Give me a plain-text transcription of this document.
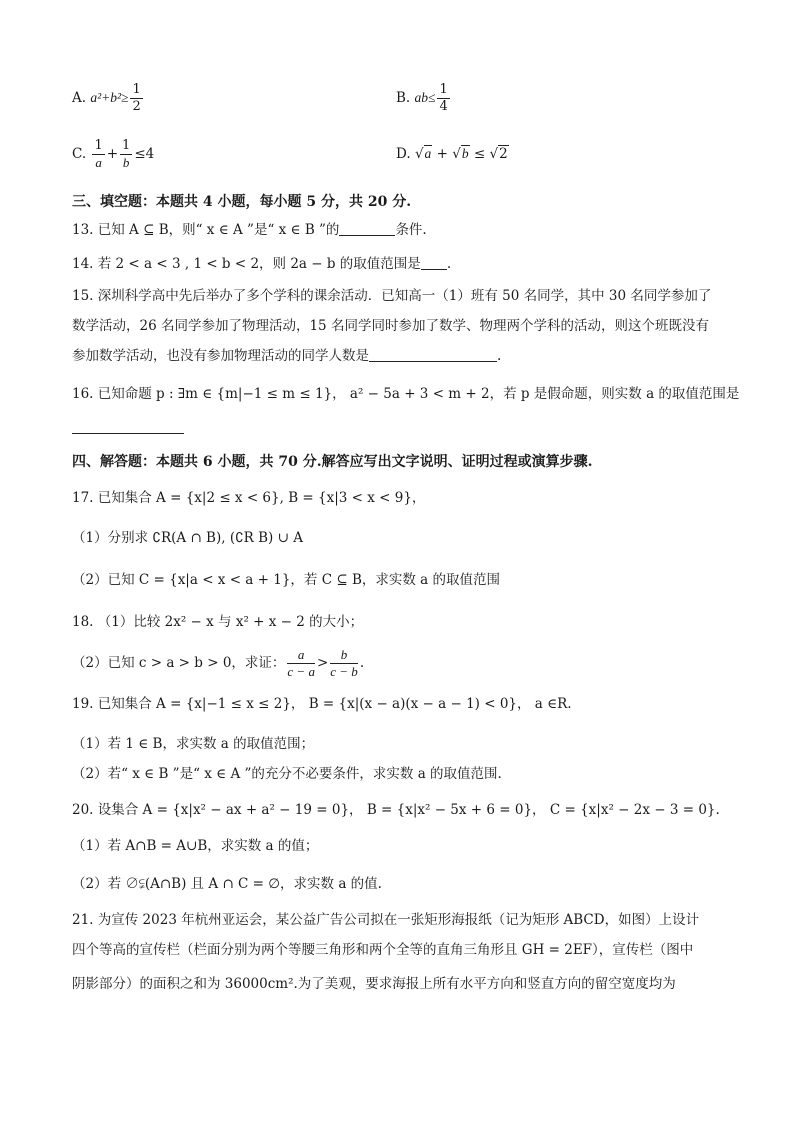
A. $a^2+b^2\ge \frac{1}{2}$	B. $ab\le \frac{1}{4}$
C. $\frac{1}{a} + \frac{1}{b} \le 4$	D. √a + √b ≤ √2
三、填空题：本题共 4 小题，每小题 5 分，共 20 分.
13. 已知 A ⊆ B，则“ x ∈ A ”是“ x ∈ B ”的	条件.
14. 若 2 < a < 3 , 1 < b < 2，则 2a − b 的取值范围是 .
15. 深圳科学高中先后举办了多个学科的课余活动．已知高一（1）班有 50 名同学，其中 30 名同学参加了
数学活动，26 名同学参加了物理活动，15 名同学同时参加了数学、物理两个学科的活动，则这个班既没有
参加数学活动，也没有参加物理活动的同学人数是	.
16. 已知命题 p : ∃m ∈ {m|−1 ≤ m ≤ 1}， a² − 5a + 3 < m + 2，若 p 是假命题，则实数 a 的取值范围是
四、解答题：本题共 6 小题，共 70 分.解答应写出文字说明、证明过程或演算步骤.
17. 已知集合 A = {x|2 ≤ x < 6}, B = {x|3 < x < 9}，
（1）分别求 ∁R(A ∩ B), (∁R B) ∪ A
（2）已知 C = {x|a < x < a + 1}，若 C ⊆ B，求实数 a 的取值范围
18. （1）比较 2x² − x 与 x² + x − 2 的大小；
（2）已知 c > a > b > 0，求证： $\frac{a}{c - a} > \frac{b}{c - b}$ .
19. 已知集合 A = {x|−1 ≤ x ≤ 2}， B = {x|(x − a)(x − a − 1) < 0}， a ∈R.
（1）若 1 ∈ B，求实数 a 的取值范围；
（2）若“ x ∈ B ”是“ x ∈ A ”的充分不必要条件，求实数 a 的取值范围.
20. 设集合 A = {x|x² − ax + a² − 19 = 0}， B = {x|x² − 5x + 6 = 0}， C = {x|x² − 2x − 3 = 0}.
（1）若 A∩B = A∪B，求实数 a 的值；
（2）若 ∅⫋(A∩B) 且 A ∩ C = ∅，求实数 a 的值.
21. 为宣传 2023 年杭州亚运会，某公益广告公司拟在一张矩形海报纸（记为矩形 ABCD，如图）上设计
四个等高的宣传栏（栏面分别为两个等腰三角形和两个全等的直角三角形且 GH = 2EF），宣传栏（图中
阴影部分）的面积之和为 36000cm².为了美观，要求海报上所有水平方向和竖直方向的留空宽度均为
